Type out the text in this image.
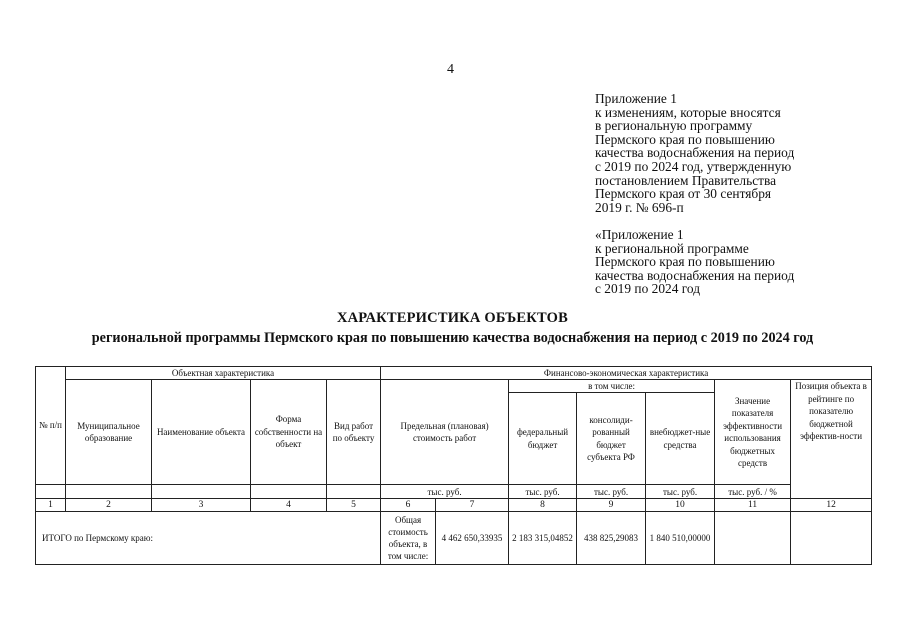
4
Приложение 1
к изменениям, которые вносятся
в региональную программу
Пермского края по повышению
качества водоснабжения на период
с 2019 по 2024 год, утвержденную
постановлением Правительства
Пермского края от 30 сентября
2019 г. № 696-п
«Приложение 1
к региональной программе
Пермского края по повышению
качества водоснабжения на период
с 2019 по 2024 год
ХАРАКТЕРИСТИКА ОБЪЕКТОВ
региональной программы Пермского края по повышению качества водоснабжения на период с 2019 по 2024 год
№ п/п	Объектная характеристика				Финансово-экономическая характеристика						
	Муниципальное образование	Наименование объекта	Форма собственности на объект	Вид работ по объекту	Предельная (плановая) стоимость работ		в том числе:			Значение показателя эффективности использования бюджетных средств	Позиция объекта в рейтинге по показателю бюджетной эффектив-ности
							федеральный бюджет	консолиди-рованный бюджет субъекта РФ	внебюджет-ные средства		
					тыс. руб.		тыс. руб.	тыс. руб.	тыс. руб.	тыс. руб. / %	
1	2	3	4	5	6	7	8	9	10	11	12
ИТОГО по Пермскому краю:					Общая стоимость объекта, в том числе:	4 462 650,33935	2 183 315,04852	438 825,29083	1 840 510,00000		
